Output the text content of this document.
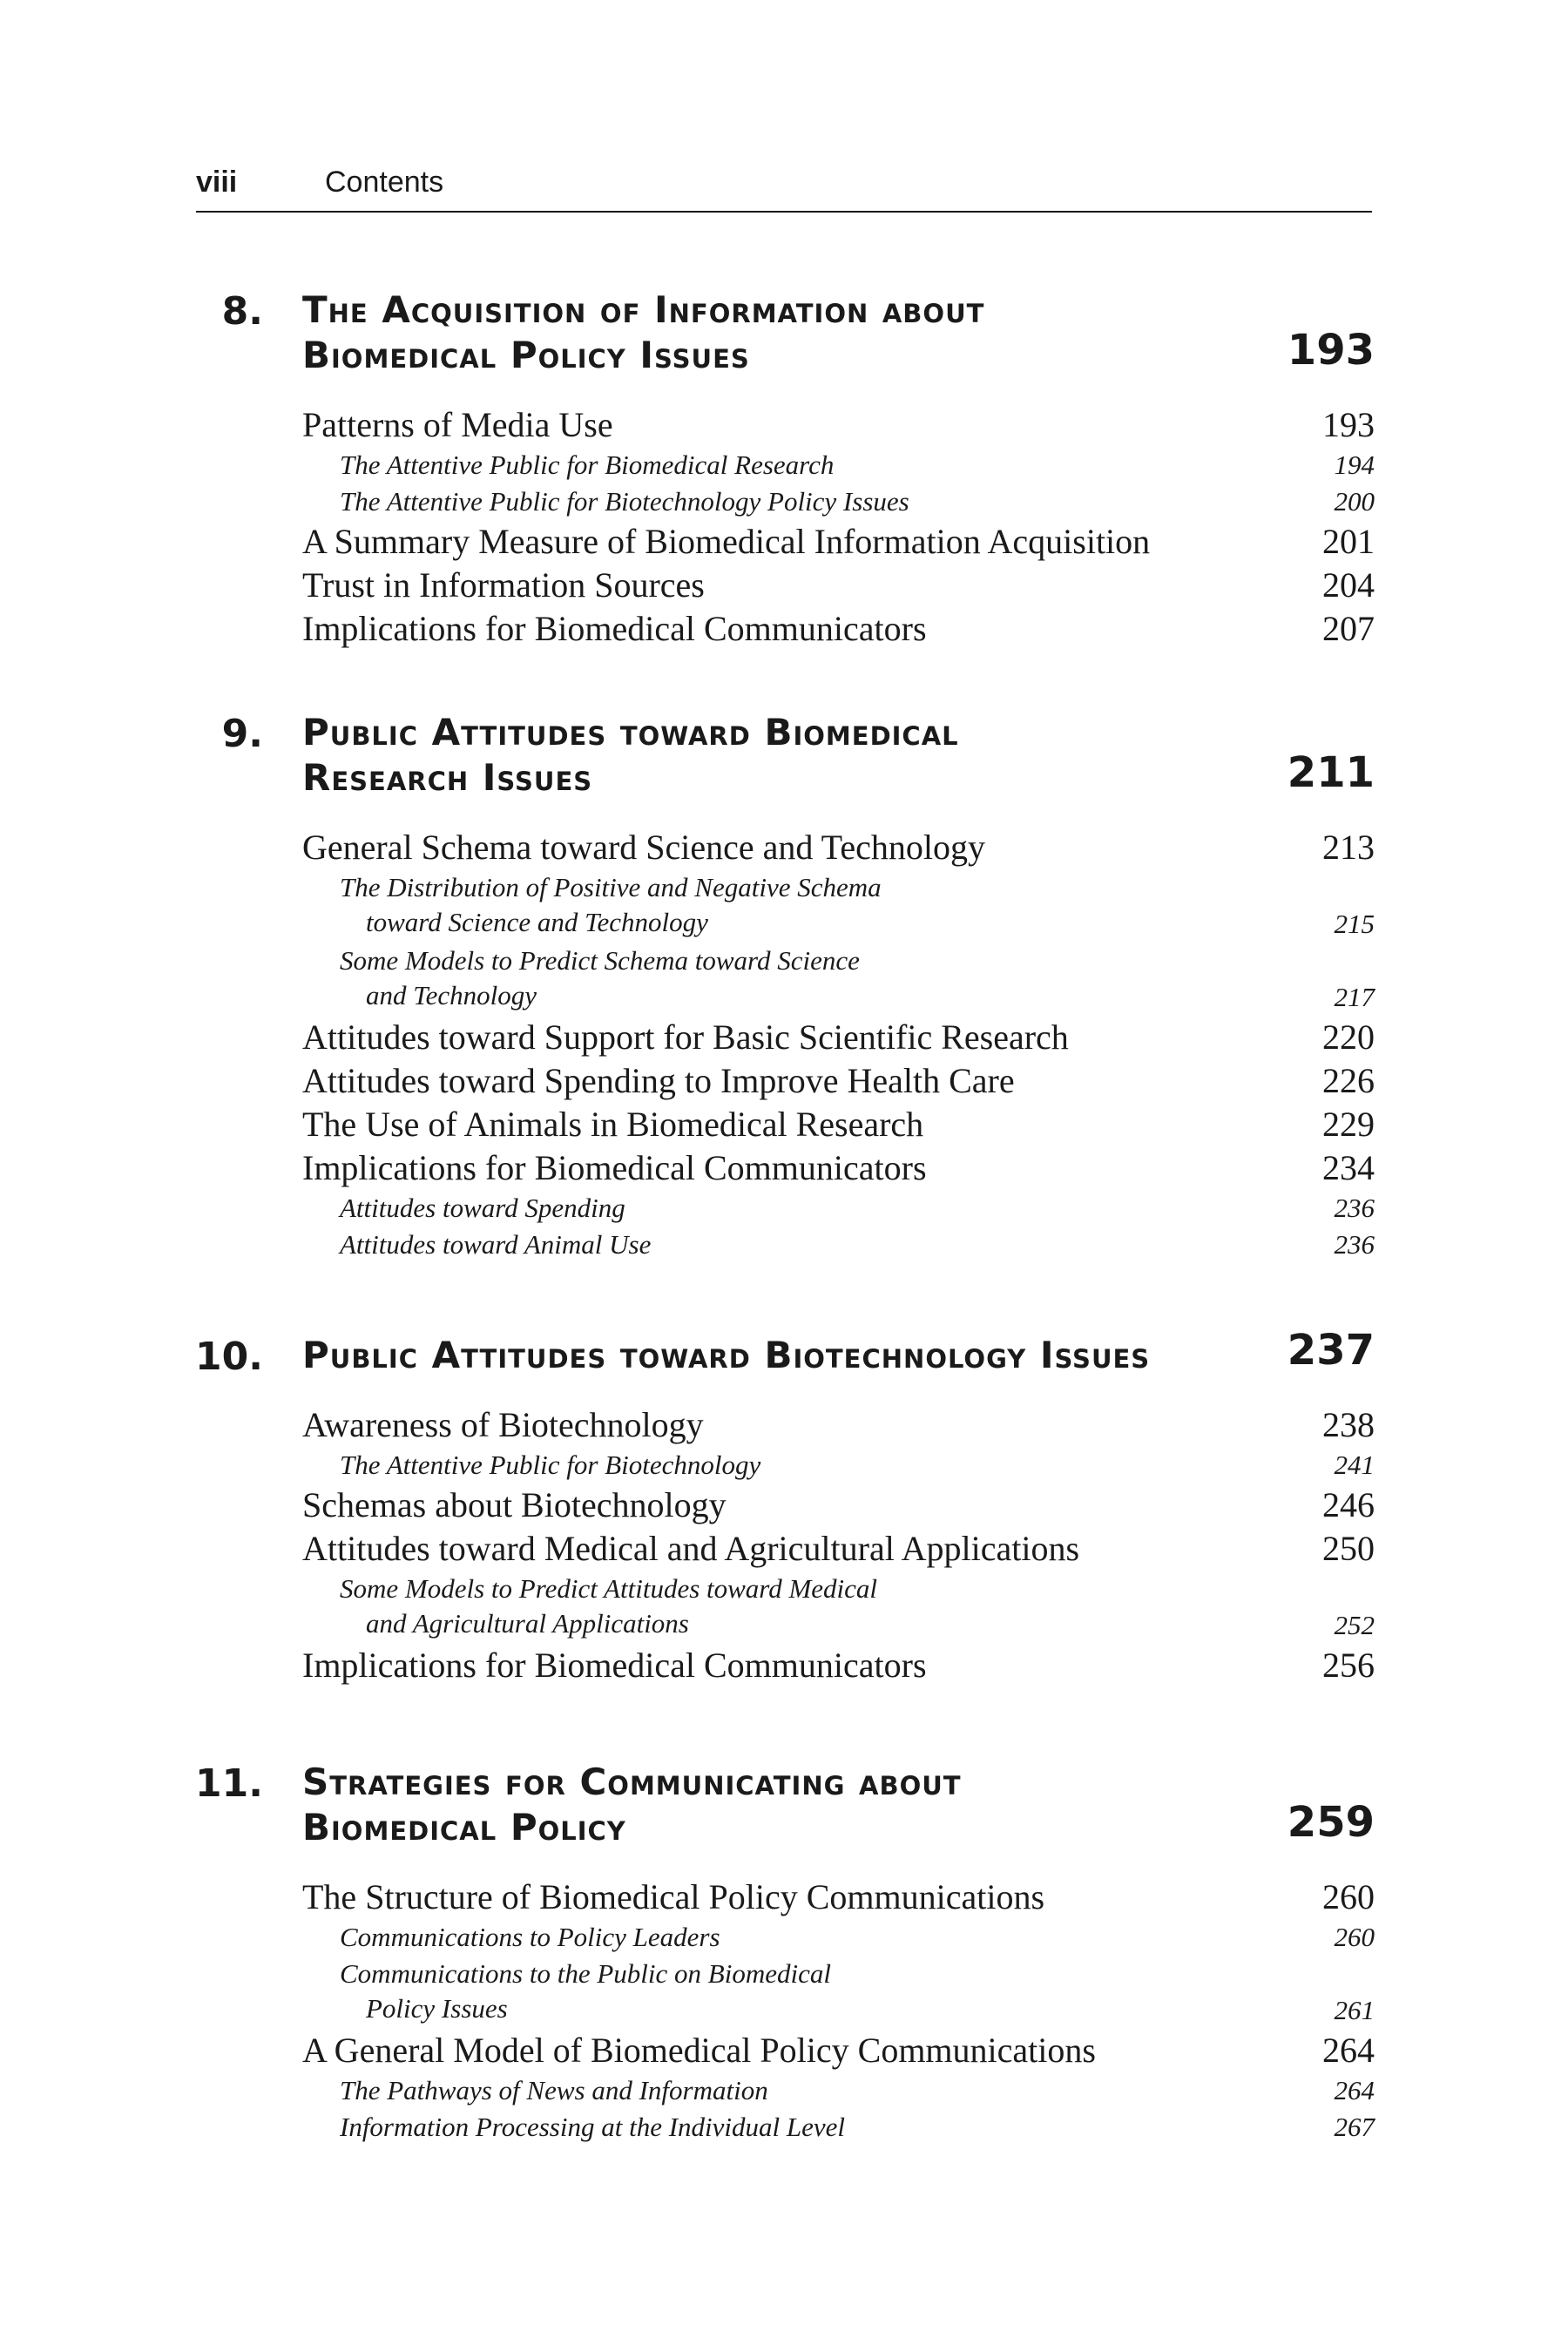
viii	Contents
8. The Acquisition of Information about
Biomedical Policy Issues	193
Patterns of Media Use	193
The Attentive Public for Biomedical Research	194
The Attentive Public for Biotechnology Policy Issues	200
A Summary Measure of Biomedical Information Acquisition	201
Trust in Information Sources	204
Implications for Biomedical Communicators	207
9. Public Attitudes toward Biomedical
Research Issues	211
General Schema toward Science and Technology	213
The Distribution of Positive and Negative Schema
toward Science and Technology	215
Some Models to Predict Schema toward Science
and Technology	217
Attitudes toward Support for Basic Scientific Research	220
Attitudes toward Spending to Improve Health Care	226
The Use of Animals in Biomedical Research	229
Implications for Biomedical Communicators	234
Attitudes toward Spending	236
Attitudes toward Animal Use	236
10. Public Attitudes toward Biotechnology Issues	237
Awareness of Biotechnology	238
The Attentive Public for Biotechnology	241
Schemas about Biotechnology	246
Attitudes toward Medical and Agricultural Applications	250
Some Models to Predict Attitudes toward Medical
and Agricultural Applications	252
Implications for Biomedical Communicators	256
11. Strategies for Communicating about
Biomedical Policy	259
The Structure of Biomedical Policy Communications	260
Communications to Policy Leaders	260
Communications to the Public on Biomedical
Policy Issues	261
A General Model of Biomedical Policy Communications	264
The Pathways of News and Information	264
Information Processing at the Individual Level	267
